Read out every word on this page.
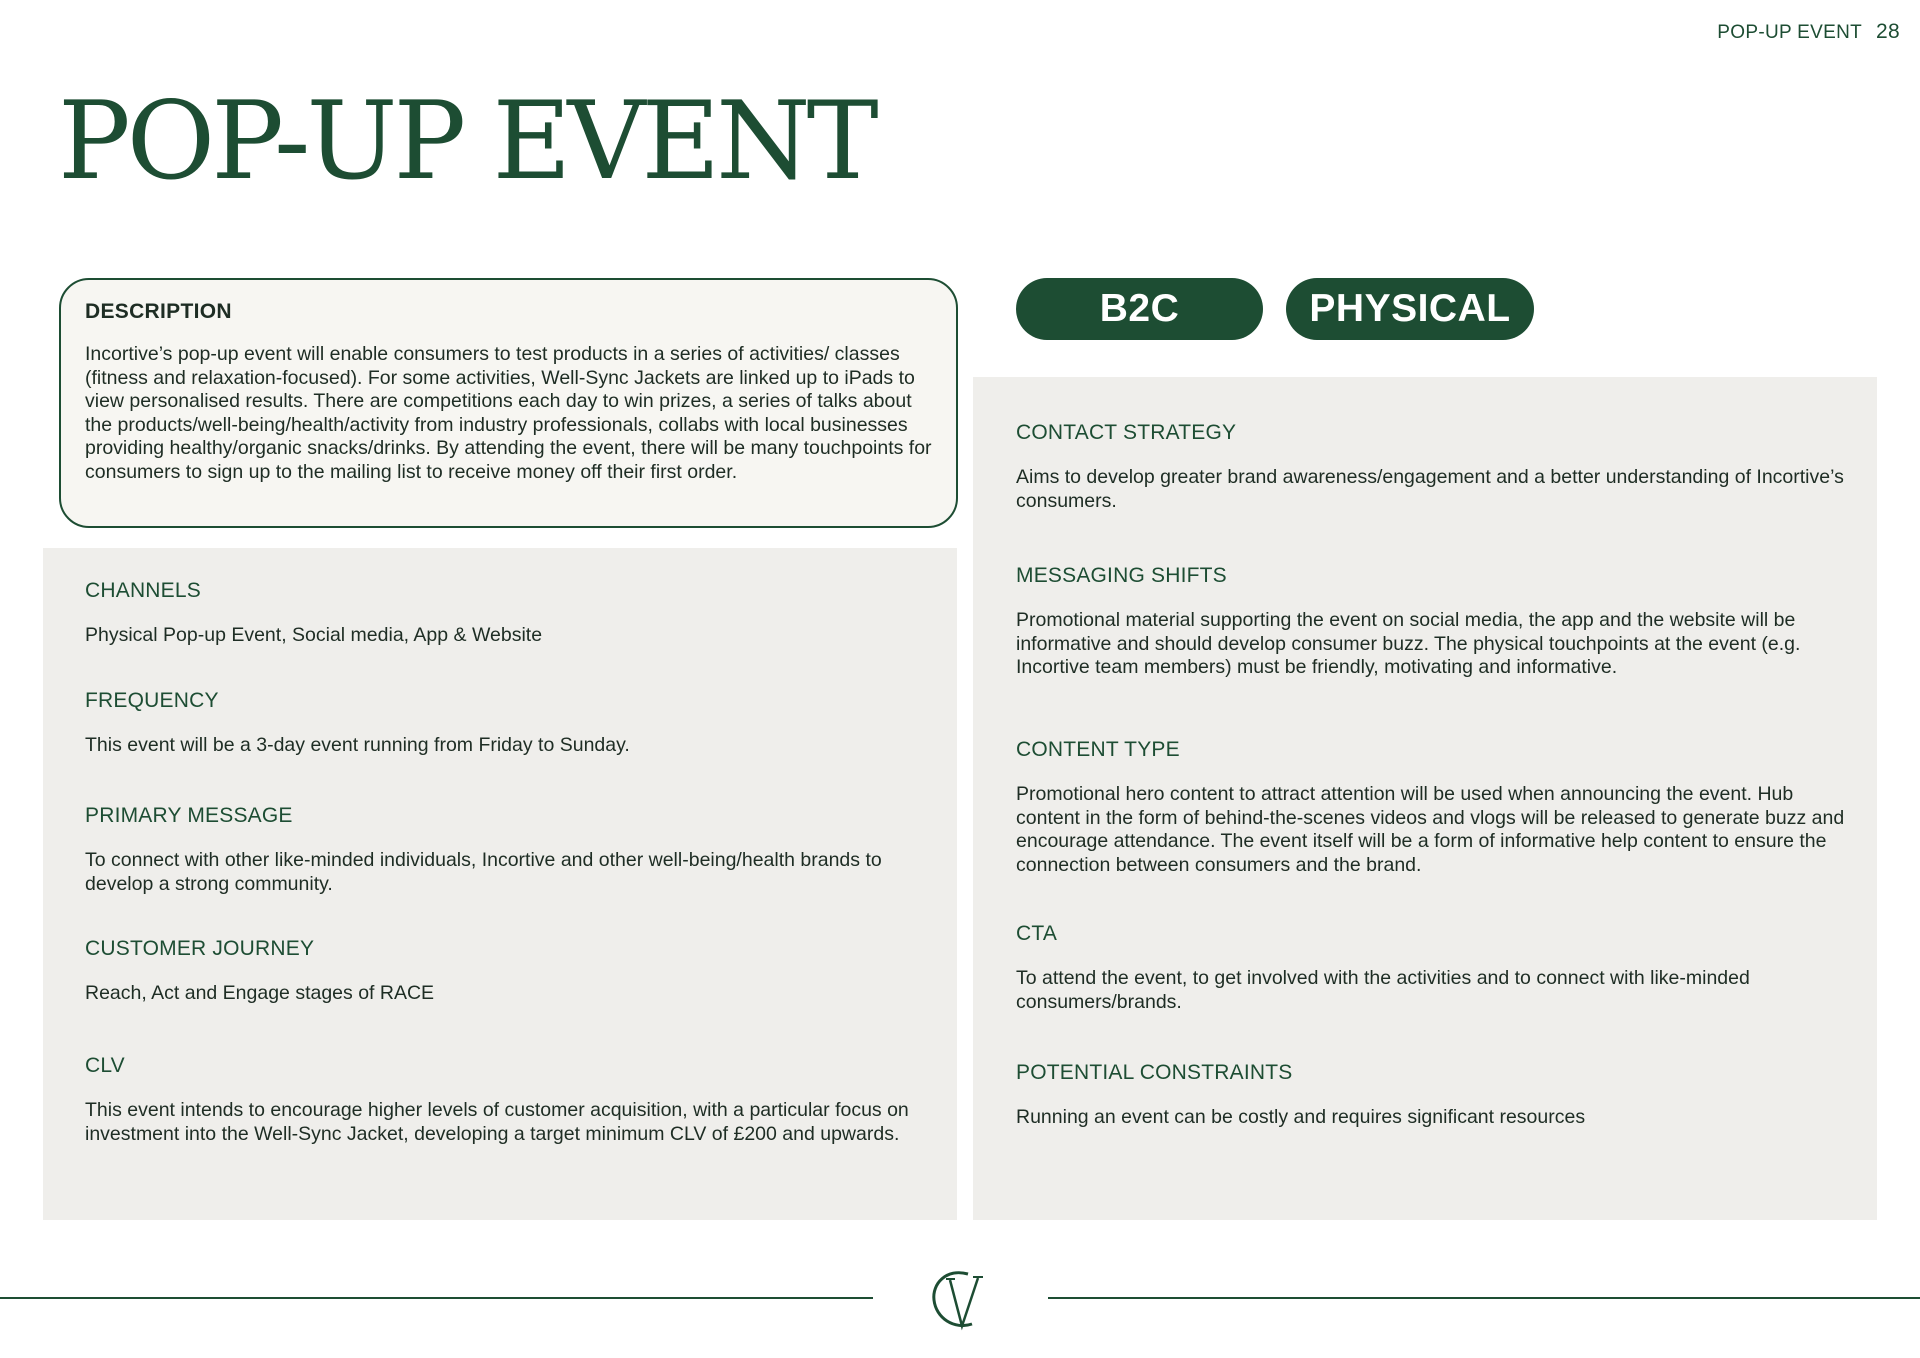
POP-UP EVENT 28
POP-UP EVENT
DESCRIPTION

Incortive’s pop-up event will enable consumers to test products in a series of activities/ classes (fitness and relaxation-focused). For some activities, Well-Sync Jackets are linked up to iPads to view personalised results. There are competitions each day to win prizes, a series of talks about the products/well-being/health/activity from industry professionals, collabs with local businesses providing healthy/organic snacks/drinks. By attending the event, there will be many touchpoints for consumers to sign up to the mailing list to receive money off their first order.

B2C	PHYSICAL
CHANNELS

Physical Pop-up Event, Social media, App & Website

FREQUENCY

This event will be a 3-day event running from Friday to Sunday.

PRIMARY MESSAGE

To connect with other like-minded individuals, Incortive and other well-being/health brands to develop a strong community.

CUSTOMER JOURNEY

Reach, Act and Engage stages of RACE

CLV

This event intends to encourage higher levels of customer acquisition, with a particular focus on investment into the Well-Sync Jacket, developing a target minimum CLV of £200 and upwards.

CONTACT STRATEGY

Aims to develop greater brand awareness/engagement and a better understanding of Incortive’s consumers.

MESSAGING SHIFTS

Promotional material supporting the event on social media, the app and the website will be informative and should develop consumer buzz. The physical touchpoints at the event (e.g. Incortive team members) must be friendly, motivating and informative.

CONTENT TYPE

Promotional hero content to attract attention will be used when announcing the event. Hub content in the form of behind-the-scenes videos and vlogs will be released to generate buzz and encourage attendance. The event itself will be a form of informative help content to ensure the connection between consumers and the brand.

CTA

To attend the event, to get involved with the activities and to connect with like-minded consumers/brands.

POTENTIAL CONSTRAINTS

Running an event can be costly and requires significant resources
